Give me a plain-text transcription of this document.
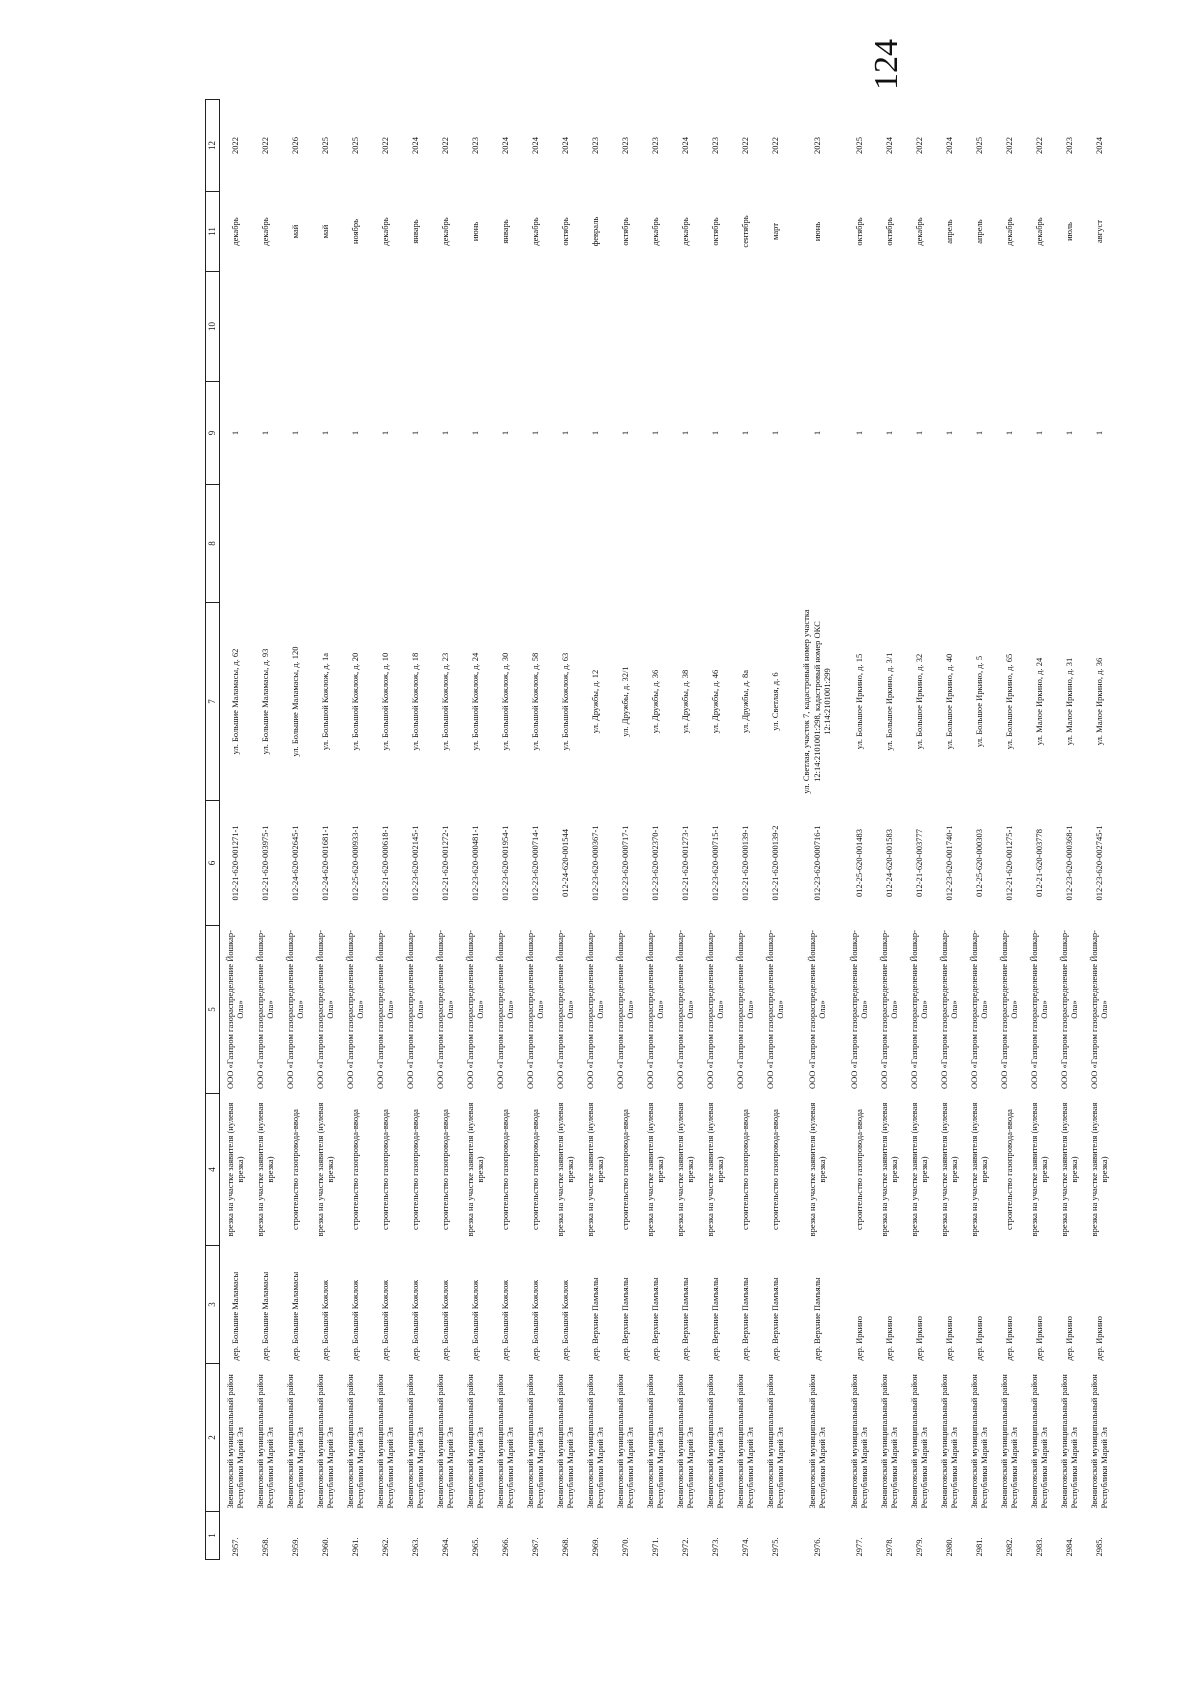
124
1	2	3	4	5	6	7	8	9	10	11	12
2957.	Звениговский муниципальный район Республики Марий Эл	дер. Большие Маламасы	врезка на участке заявителя (нулевая врезка)	ООО «Газпром газораспределение Йошкар-Ола»	012-21-620-001271-1	ул. Большие Маламасы, д. 62		1		декабрь	2022
2958.	Звениговский муниципальный район Республики Марий Эл	дер. Большие Маламасы	врезка на участке заявителя (нулевая врезка)	ООО «Газпром газораспределение Йошкар-Ола»	012-21-620-003975-1	ул. Большие Маламасы, д. 93		1		декабрь	2022
2959.	Звениговский муниципальный район Республики Марий Эл	дер. Большие Маламасы	строительство газопровода-ввода	ООО «Газпром газораспределение Йошкар-Ола»	012-24-620-002645-1	ул. Большие Маламасы, д. 120		1		май	2026
2960.	Звениговский муниципальный район Республики Марий Эл	дер. Большой Кожлож	врезка на участке заявителя (нулевая врезка)	ООО «Газпром газораспределение Йошкар-Ола»	012-24-620-001681-1	ул. Большой Кожлож, д. 1а		1		май	2025
2961.	Звениговский муниципальный район Республики Марий Эл	дер. Большой Кожлож	строительство газопровода-ввода	ООО «Газпром газораспределение Йошкар-Ола»	012-25-620-000933-1	ул. Большой Кожлож, д. 20		1		ноябрь	2025
2962.	Звениговский муниципальный район Республики Марий Эл	дер. Большой Кожлож	строительство газопровода-ввода	ООО «Газпром газораспределение Йошкар-Ола»	012-21-620-000618-1	ул. Большой Кожлож, д. 10		1		декабрь	2022
2963.	Звениговский муниципальный район Республики Марий Эл	дер. Большой Кожлож	строительство газопровода-ввода	ООО «Газпром газораспределение Йошкар-Ола»	012-23-620-002145-1	ул. Большой Кожлож, д. 18		1		январь	2024
2964.	Звениговский муниципальный район Республики Марий Эл	дер. Большой Кожлож	строительство газопровода-ввода	ООО «Газпром газораспределение Йошкар-Ола»	012-21-620-001272-1	ул. Большой Кожлож, д. 23		1		декабрь	2022
2965.	Звениговский муниципальный район Республики Марий Эл	дер. Большой Кожлож	врезка на участке заявителя (нулевая врезка)	ООО «Газпром газораспределение Йошкар-Ола»	012-23-620-000481-1	ул. Большой Кожлож, д. 24		1		июнь	2023
2966.	Звениговский муниципальный район Республики Марий Эл	дер. Большой Кожлож	строительство газопровода-ввода	ООО «Газпром газораспределение Йошкар-Ола»	012-23-620-001954-1	ул. Большой Кожлож, д. 30		1		январь	2024
2967.	Звениговский муниципальный район Республики Марий Эл	дер. Большой Кожлож	строительство газопровода-ввода	ООО «Газпром газораспределение Йошкар-Ола»	012-23-620-000714-1	ул. Большой Кожлож, д. 58		1		декабрь	2024
2968.	Звениговский муниципальный район Республики Марий Эл	дер. Большой Кожлож	врезка на участке заявителя (нулевая врезка)	ООО «Газпром газораспределение Йошкар-Ола»	012-24-620-001544	ул. Большой Кожлож, д. 63		1		октябрь	2024
2969.	Звениговский муниципальный район Республики Марий Эл	дер. Верхние Памъялы	врезка на участке заявителя (нулевая врезка)	ООО «Газпром газораспределение Йошкар-Ола»	012-23-620-000367-1	ул. Дружбы, д. 12		1		февраль	2023
2970.	Звениговский муниципальный район Республики Марий Эл	дер. Верхние Памъялы	строительство газопровода-ввода	ООО «Газпром газораспределение Йошкар-Ола»	012-23-620-000717-1	ул. Дружбы, д. 32/1		1		октябрь	2023
2971.	Звениговский муниципальный район Республики Марий Эл	дер. Верхние Памъялы	врезка на участке заявителя (нулевая врезка)	ООО «Газпром газораспределение Йошкар-Ола»	012-23-620-002370-1	ул. Дружбы, д. 36		1		декабрь	2023
2972.	Звениговский муниципальный район Республики Марий Эл	дер. Верхние Памъялы	врезка на участке заявителя (нулевая врезка)	ООО «Газпром газораспределение Йошкар-Ола»	012-21-620-001273-1	ул. Дружбы, д. 38		1		декабрь	2024
2973.	Звениговский муниципальный район Республики Марий Эл	дер. Верхние Памъялы	врезка на участке заявителя (нулевая врезка)	ООО «Газпром газораспределение Йошкар-Ола»	012-23-620-000715-1	ул. Дружбы, д. 46		1		октябрь	2023
2974.	Звениговский муниципальный район Республики Марий Эл	дер. Верхние Памъялы	строительство газопровода-ввода	ООО «Газпром газораспределение Йошкар-Ола»	012-21-620-000139-1	ул. Дружбы, д. 8а		1		сентябрь	2022
2975.	Звениговский муниципальный район Республики Марий Эл	дер. Верхние Памъялы	строительство газопровода-ввода	ООО «Газпром газораспределение Йошкар-Ола»	012-21-620-000139-2	ул. Светлая, д. 6		1		март	2022
2976.	Звениговский муниципальный район Республики Марий Эл	дер. Верхние Памъялы	врезка на участке заявителя (нулевая врезка)	ООО «Газпром газораспределение Йошкар-Ола»	012-23-620-000716-1	ул. Светлая, участок 7, кадастровый номер участка 12:14:2101001:298, кадастровый номер ОКС 12:14:2101001:299		1		июнь	2023
2977.	Звениговский муниципальный район Республики Марий Эл	дер. Иркино	строительство газопровода-ввода	ООО «Газпром газораспределение Йошкар-Ола»	012-25-620-001483	ул. Большое Иркино, д. 15		1		октябрь	2025
2978.	Звениговский муниципальный район Республики Марий Эл	дер. Иркино	врезка на участке заявителя (нулевая врезка)	ООО «Газпром газораспределение Йошкар-Ола»	012-24-620-001583	ул. Большое Иркино, д. 3/1		1		октябрь	2024
2979.	Звениговский муниципальный район Республики Марий Эл	дер. Иркино	врезка на участке заявителя (нулевая врезка)	ООО «Газпром газораспределение Йошкар-Ола»	012-21-620-003777	ул. Большое Иркино, д. 32		1		декабрь	2022
2980.	Звениговский муниципальный район Республики Марий Эл	дер. Иркино	врезка на участке заявителя (нулевая врезка)	ООО «Газпром газораспределение Йошкар-Ола»	012-23-620-001740-1	ул. Большое Иркино, д. 40		1		апрель	2024
2981.	Звениговский муниципальный район Республики Марий Эл	дер. Иркино	врезка на участке заявителя (нулевая врезка)	ООО «Газпром газораспределение Йошкар-Ола»	012-25-620-000303	ул. Большое Иркино, д. 5		1		апрель	2025
2982.	Звениговский муниципальный район Республики Марий Эл	дер. Иркино	строительство газопровода-ввода	ООО «Газпром газораспределение Йошкар-Ола»	012-21-620-001275-1	ул. Большое Иркино, д. 65		1		декабрь	2022
2983.	Звениговский муниципальный район Республики Марий Эл	дер. Иркино	врезка на участке заявителя (нулевая врезка)	ООО «Газпром газораспределение Йошкар-Ола»	012-21-620-003778	ул. Малое Иркино, д. 24		1		декабрь	2022
2984.	Звениговский муниципальный район Республики Марий Эл	дер. Иркино	врезка на участке заявителя (нулевая врезка)	ООО «Газпром газораспределение Йошкар-Ола»	012-23-620-000368-1	ул. Малое Иркино, д. 31		1		июль	2023
2985.	Звениговский муниципальный район Республики Марий Эл	дер. Иркино	врезка на участке заявителя (нулевая врезка)	ООО «Газпром газораспределение Йошкар-Ола»	012-23-620-002745-1	ул. Малое Иркино, д. 36		1		август	2024
